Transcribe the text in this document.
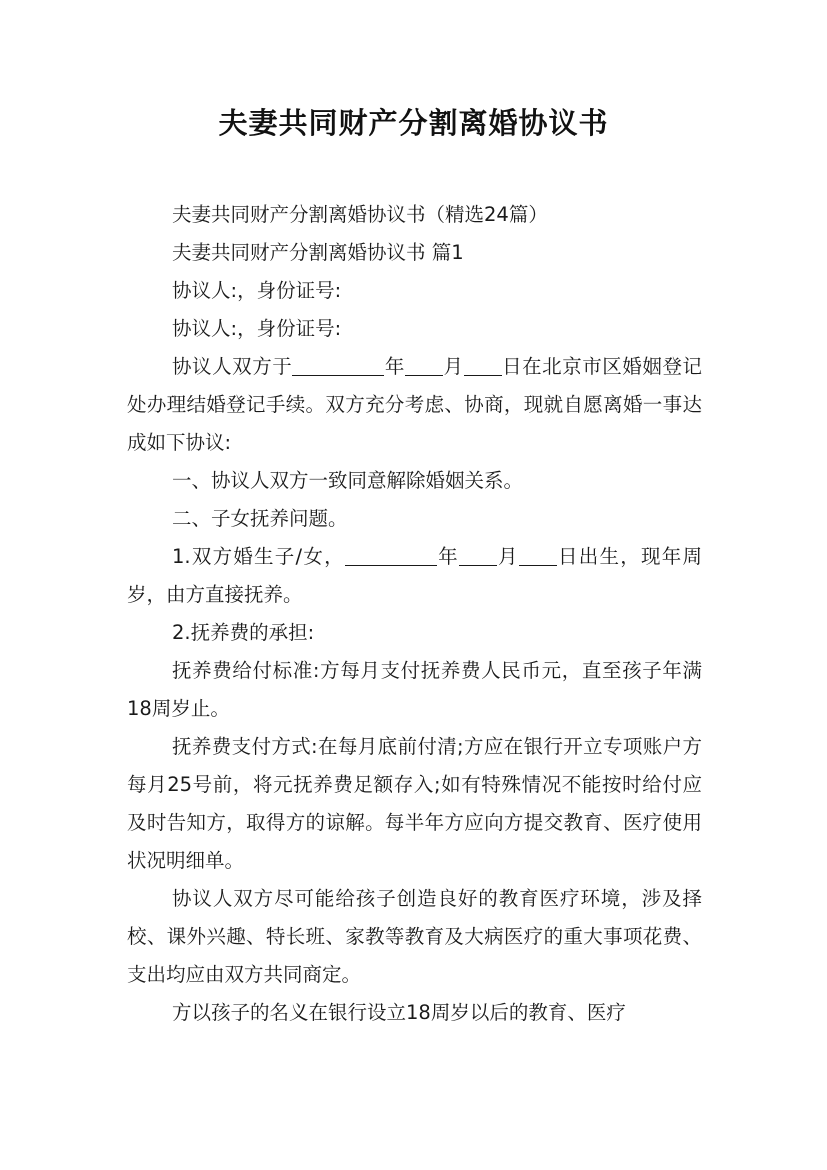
夫妻共同财产分割离婚协议书

夫妻共同财产分割离婚协议书（精选24篇）

夫妻共同财产分割离婚协议书 篇1

协议人:，身份证号:

协议人:，身份证号:

协议人双方于	年 月 日在北京市区婚姻登记处办理结婚登记手续。双方充分考虑、协商，现就自愿离婚一事达成如下协议:

一、协议人双方一致同意解除婚姻关系。

二、子女抚养问题。

1.双方婚生子/女，	年 月 日出生，现年周岁，由方直接抚养。

2.抚养费的承担:

抚养费给付标准:方每月支付抚养费人民币元，直至孩子年满18周岁止。

抚养费支付方式:在每月底前付清;方应在银行开立专项账户方每月25号前，将元抚养费足额存入;如有特殊情况不能按时给付应及时告知方，取得方的谅解。每半年方应向方提交教育、医疗使用状况明细单。

协议人双方尽可能给孩子创造良好的教育医疗环境，涉及择校、课外兴趣、特长班、家教等教育及大病医疗的重大事项花费、支出均应由双方共同商定。

方以孩子的名义在银行设立18周岁以后的教育、医疗
